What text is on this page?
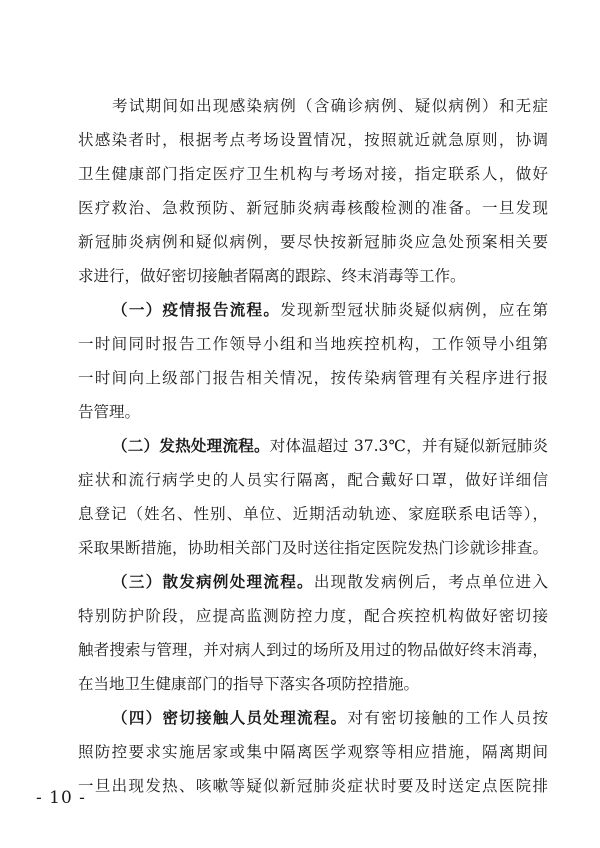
考试期间如出现感染病例（含确诊病例、疑似病例）和无症
状感染者时，根据考点考场设置情况，按照就近就急原则，协调
卫生健康部门指定医疗卫生机构与考场对接，指定联系人，做好
医疗救治、急救预防、新冠肺炎病毒核酸检测的准备。一旦发现
新冠肺炎病例和疑似病例，要尽快按新冠肺炎应急处预案相关要
求进行，做好密切接触者隔离的跟踪、终末消毒等工作。
（一）疫情报告流程。发现新型冠状肺炎疑似病例，应在第
一时间同时报告工作领导小组和当地疾控机构，工作领导小组第
一时间向上级部门报告相关情况，按传染病管理有关程序进行报
告管理。
（二）发热处理流程。对体温超过 37.3℃，并有疑似新冠肺炎
症状和流行病学史的人员实行隔离，配合戴好口罩，做好详细信
息登记（姓名、性别、单位、近期活动轨迹、家庭联系电话等），
采取果断措施，协助相关部门及时送往指定医院发热门诊就诊排查。
（三）散发病例处理流程。出现散发病例后，考点单位进入
特别防护阶段，应提高监测防控力度，配合疾控机构做好密切接
触者搜索与管理，并对病人到过的场所及用过的物品做好终末消毒，
在当地卫生健康部门的指导下落实各项防控措施。
（四）密切接触人员处理流程。对有密切接触的工作人员按
照防控要求实施居家或集中隔离医学观察等相应措施，隔离期间
一旦出现发热、咳嗽等疑似新冠肺炎症状时要及时送定点医院排
- 10 -
